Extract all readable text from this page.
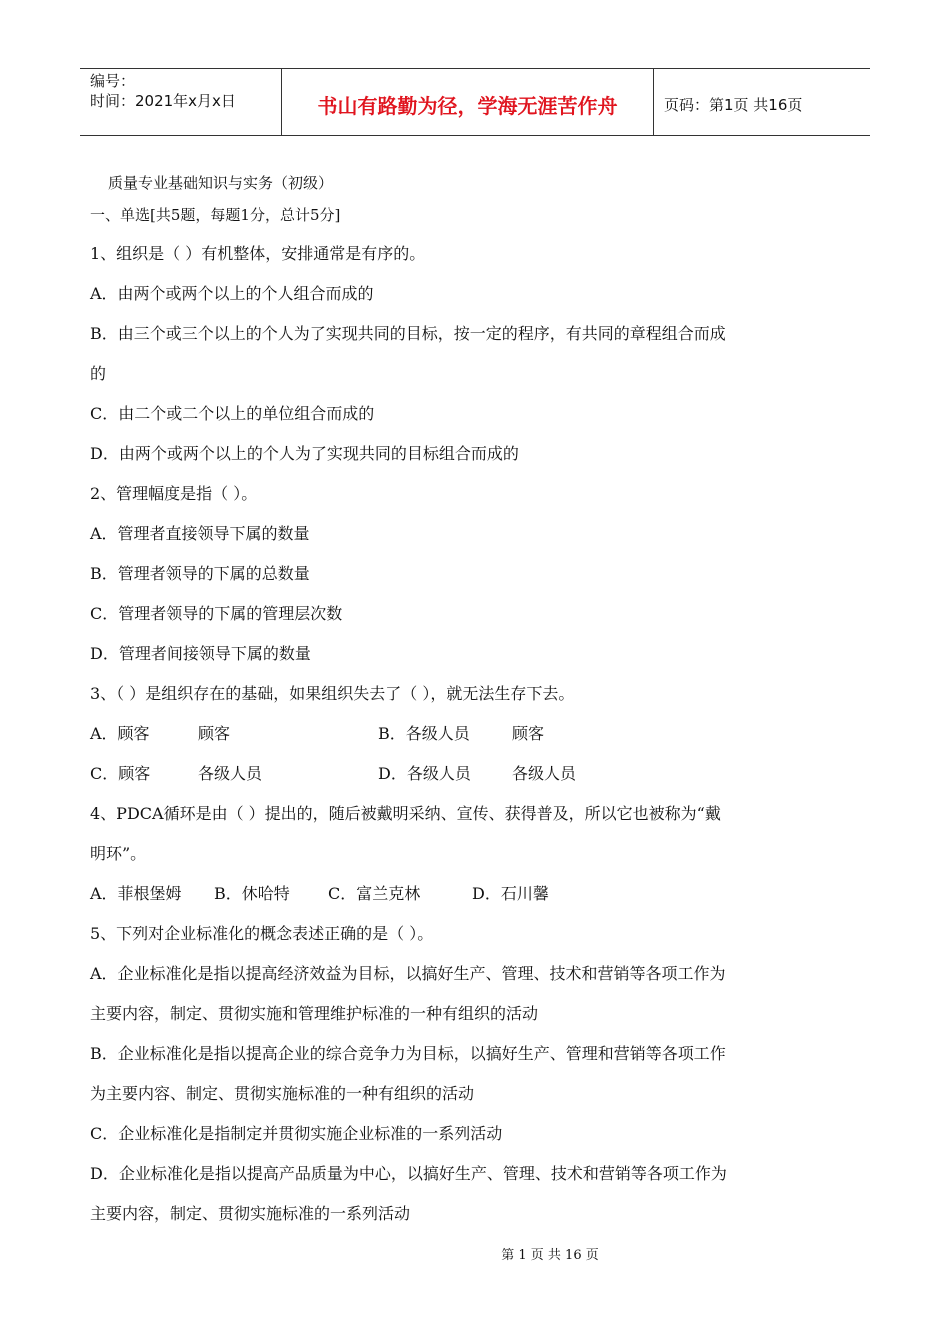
编号：
时间：2021年x月x日	书山有路勤为径，学海无涯苦作舟	页码：第1页 共16页
质量专业基础知识与实务（初级）
一、单选[共5题，每题1分，总计5分]
1、组织是（ ）有机整体，安排通常是有序的。
A．由两个或两个以上的个人组合而成的
B．由三个或三个以上的个人为了实现共同的目标，按一定的程序，有共同的章程组合而成
的
C．由二个或二个以上的单位组合而成的
D．由两个或两个以上的个人为了实现共同的目标组合而成的
2、管理幅度是指（ ）。
A．管理者直接领导下属的数量
B．管理者领导的下属的总数量
C．管理者领导的下属的管理层次数
D．管理者间接领导下属的数量
3、（ ）是组织存在的基础，如果组织失去了（ ），就无法生存下去。
A．顾客	顾客	B．各级人员	顾客
C．顾客	各级人员	D．各级人员	各级人员
4、PDCA循环是由（ ）提出的，随后被戴明采纳、宣传、获得普及，所以它也被称为“戴
明环”。
A．菲根堡姆	B．休哈特	C．富兰克林	D．石川馨
5、下列对企业标准化的概念表述正确的是（ ）。
A．企业标准化是指以提高经济效益为目标，以搞好生产、管理、技术和营销等各项工作为
主要内容，制定、贯彻实施和管理维护标准的一种有组织的活动
B．企业标准化是指以提高企业的综合竞争力为目标，以搞好生产、管理和营销等各项工作
为主要内容、制定、贯彻实施标准的一种有组织的活动
C．企业标准化是指制定并贯彻实施企业标准的一系列活动
D．企业标准化是指以提高产品质量为中心，以搞好生产、管理、技术和营销等各项工作为
主要内容，制定、贯彻实施标准的一系列活动
第 1 页 共 16 页
